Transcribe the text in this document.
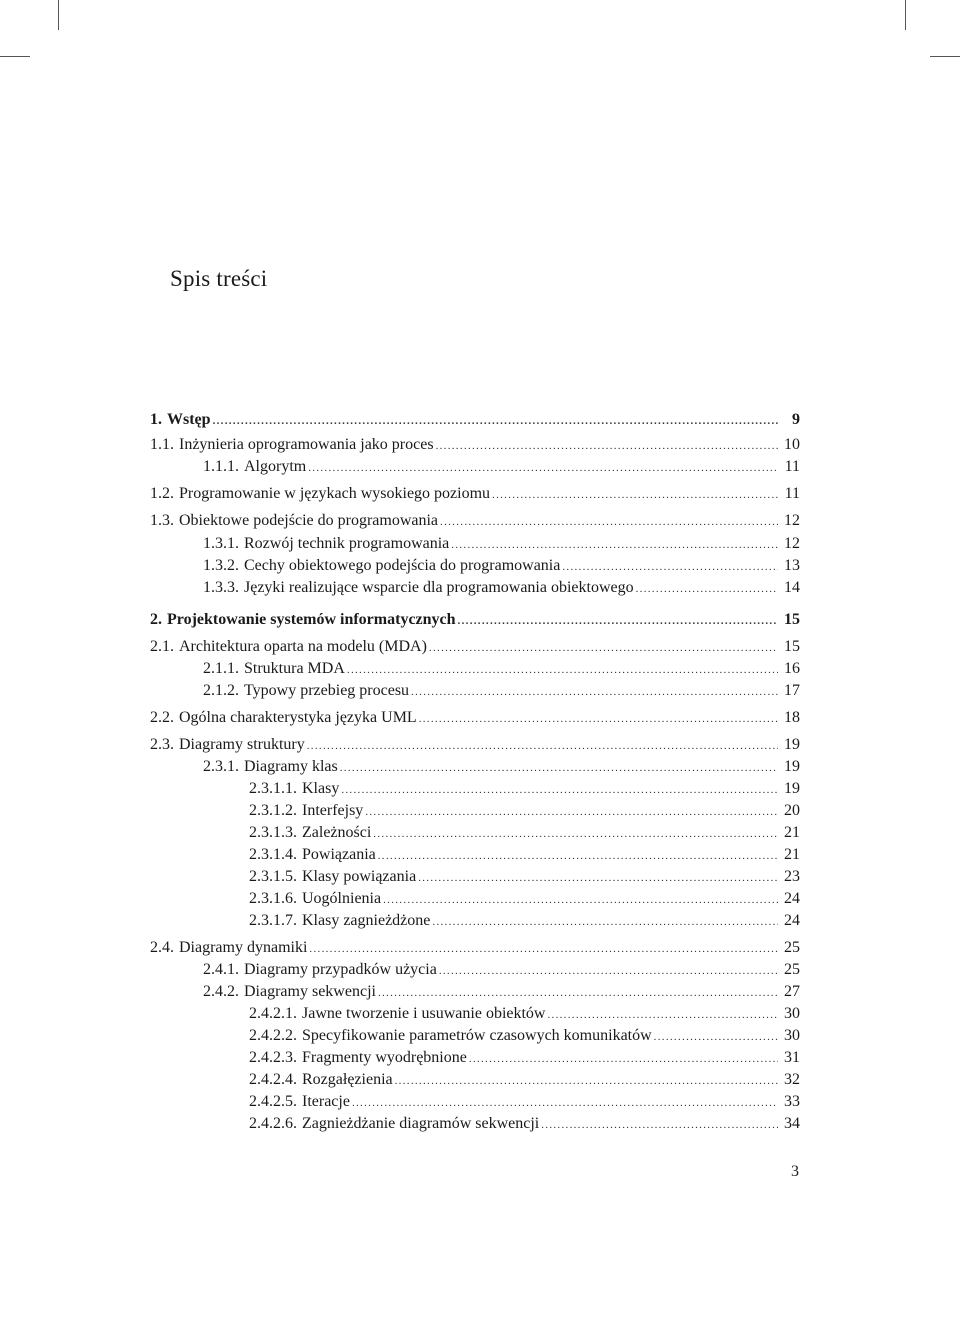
Spis treści
1. Wstęp .....	9
1.1. Inżynieria oprogramowania jako proces .....	10
1.1.1. Algorytm .....	11
1.2. Programowanie w językach wysokiego poziomu .....	11
1.3. Obiektowe podejście do programowania .....	12
1.3.1. Rozwój technik programowania .....	12
1.3.2. Cechy obiektowego podejścia do programowania .....	13
1.3.3. Języki realizujące wsparcie dla programowania obiektowego .....	14
2. Projektowanie systemów informatycznych .....	15
2.1. Architektura oparta na modelu (MDA) .....	15
2.1.1. Struktura MDA .....	16
2.1.2. Typowy przebieg procesu .....	17
2.2. Ogólna charakterystyka języka UML .....	18
2.3. Diagramy struktury .....	19
2.3.1. Diagramy klas .....	19
2.3.1.1. Klasy .....	19
2.3.1.2. Interfejsy .....	20
2.3.1.3. Zależności .....	21
2.3.1.4. Powiązania .....	21
2.3.1.5. Klasy powiązania .....	23
2.3.1.6. Uogólnienia .....	24
2.3.1.7. Klasy zagnieżdżone .....	24
2.4. Diagramy dynamiki .....	25
2.4.1. Diagramy przypadków użycia .....	25
2.4.2. Diagramy sekwencji .....	27
2.4.2.1. Jawne tworzenie i usuwanie obiektów .....	30
2.4.2.2. Specyfikowanie parametrów czasowych komunikatów .....	30
2.4.2.3. Fragmenty wyodrębnione .....	31
2.4.2.4. Rozgałęzienia .....	32
2.4.2.5. Iteracje .....	33
2.4.2.6. Zagnieżdżanie diagramów sekwencji .....	34
3
